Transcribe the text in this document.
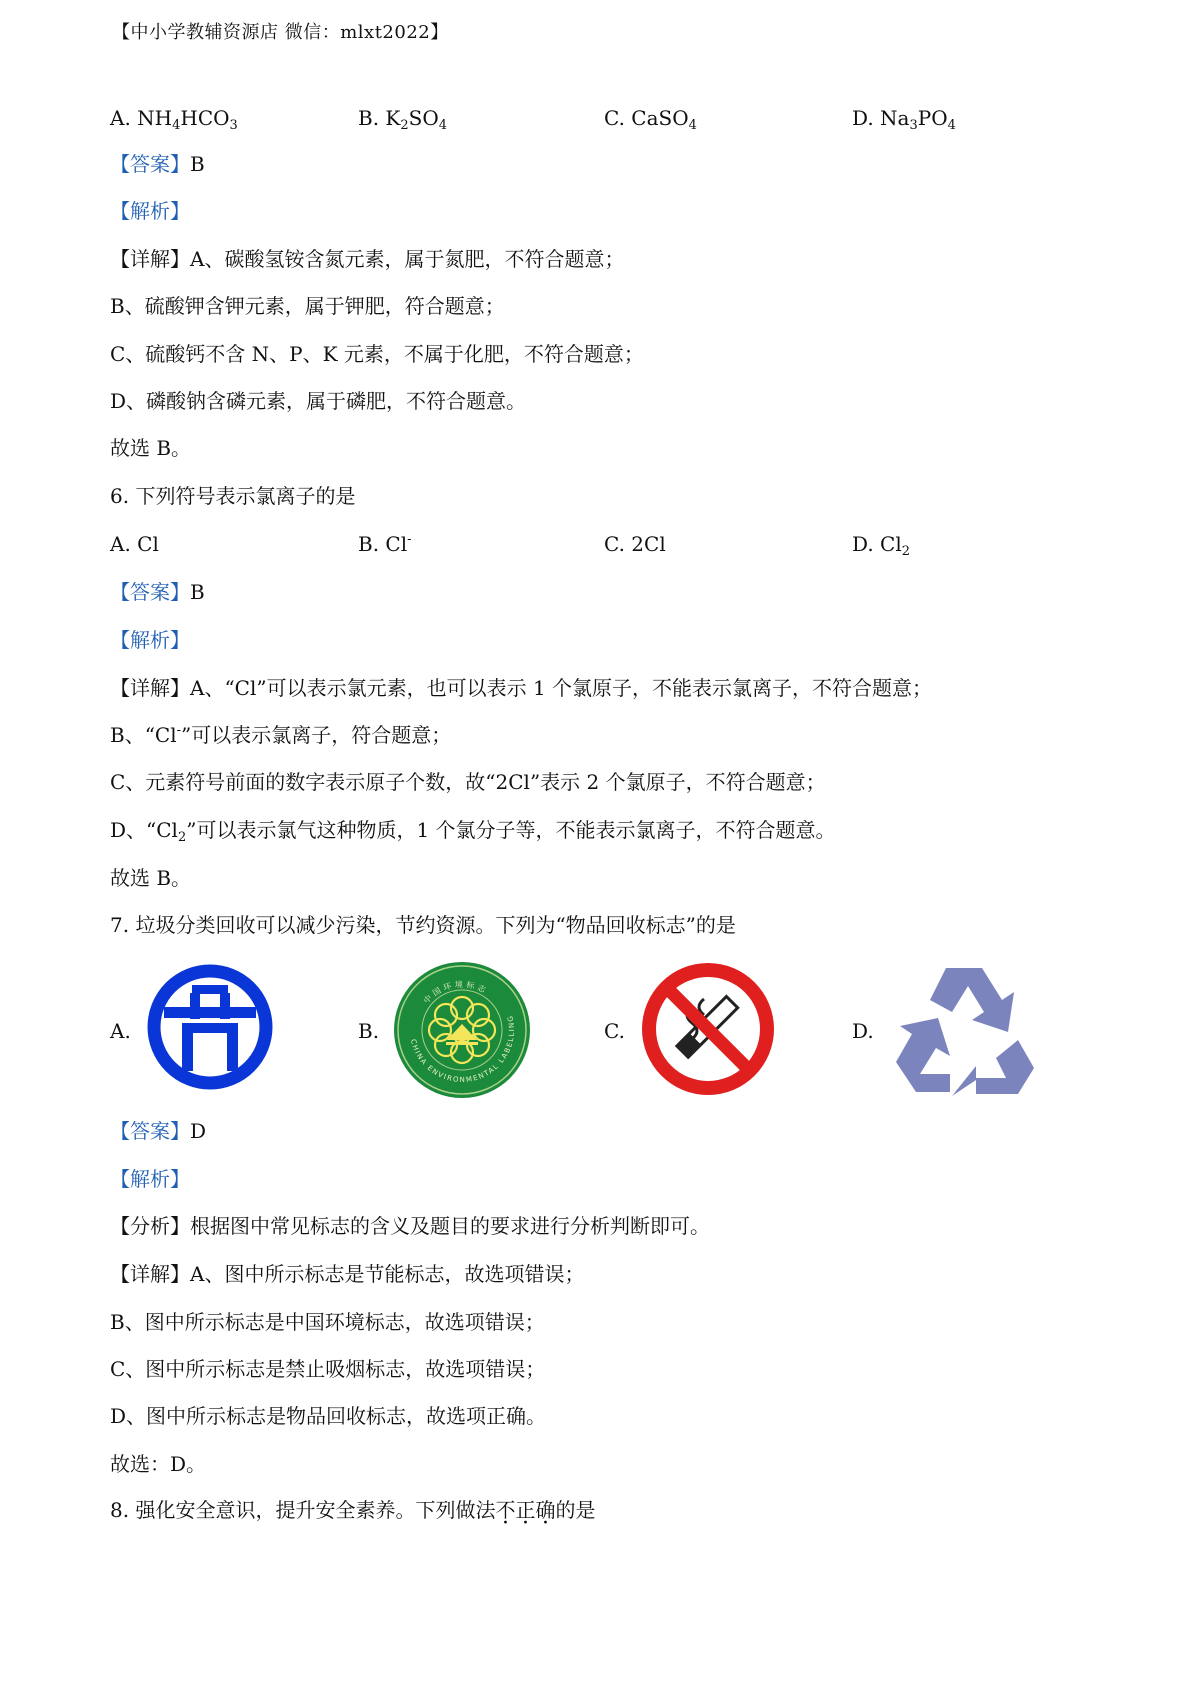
【中小学教辅资源店 微信：mlxt2022】
A. $NH_4HCO_3$	B. $K_2SO_4$	C. CaSO$_4$	D. $Na_3PO_4$
【答案】B
【解析】
【详解】A、碳酸氢铵含氮元素，属于氮肥，不符合题意；
B、硫酸钾含钾元素，属于钾肥，符合题意；
C、硫酸钙不含 N、P、K 元素，不属于化肥，不符合题意；
D、磷酸钠含磷元素，属于磷肥，不符合题意。
故选 B。
6. 下列符号表示氯离子的是
A. Cl	B. Cl-	C. 2Cl	D. $Cl_2$
【答案】B
【解析】
【详解】A、“Cl”可以表示氯元素，也可以表示 1 个氯原子，不能表示氯离子，不符合题意；
B、“Cl-”可以表示氯离子，符合题意；
C、元素符号前面的数字表示原子个数，故“2Cl”表示 2 个氯原子，不符合题意；
D、“$Cl_2$”可以表示氯气这种物质，1 个氯分子等，不能表示氯离子，不符合题意。
故选 B。
7. 垃圾分类回收可以减少污染，节约资源。下列为“物品回收标志”的是
A.	B.	CHINA ENVIRONMENTAL LABELLING
中国环境标志
C.	D.
【答案】D
【解析】
【分析】根据图中常见标志的含义及题目的要求进行分析判断即可。
【详解】A、图中所示标志是节能标志，故选项错误；
B、图中所示标志是中国环境标志，故选项错误；
C、图中所示标志是禁止吸烟标志，故选项错误；
D、图中所示标志是物品回收标志，故选项正确。
故选：D。
8. 强化安全意识，提升安全素养。下列做法不正确的是
